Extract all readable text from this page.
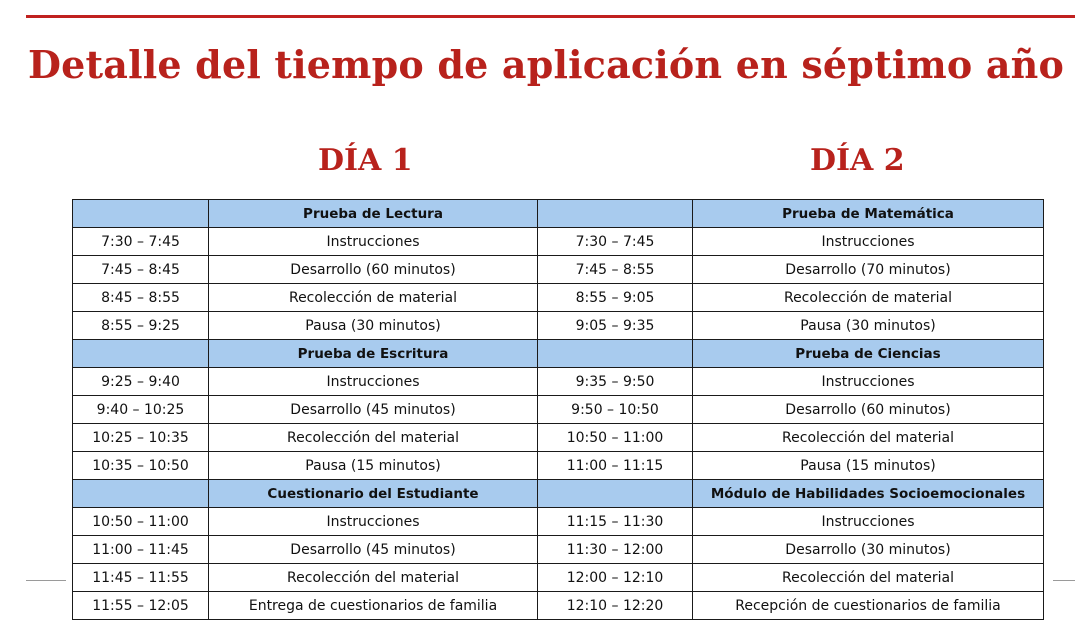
Detalle del tiempo de aplicación en séptimo año
DÍA 1	DÍA 2
	Prueba de Lectura		Prueba de Matemática
7:30 – 7:45	Instrucciones	7:30 – 7:45	Instrucciones
7:45 – 8:45	Desarrollo (60 minutos)	7:45 – 8:55	Desarrollo (70 minutos)
8:45 – 8:55	Recolección de material	8:55 – 9:05	Recolección de material
8:55 – 9:25	Pausa (30 minutos)	9:05 – 9:35	Pausa (30 minutos)
	Prueba de Escritura		Prueba de Ciencias
9:25 – 9:40	Instrucciones	9:35 – 9:50	Instrucciones
9:40 – 10:25	Desarrollo (45 minutos)	9:50 – 10:50	Desarrollo (60 minutos)
10:25 – 10:35	Recolección del material	10:50 – 11:00	Recolección del material
10:35 – 10:50	Pausa (15 minutos)	11:00 – 11:15	Pausa (15 minutos)
	Cuestionario del Estudiante		Módulo de Habilidades Socioemocionales
10:50 – 11:00	Instrucciones	11:15 – 11:30	Instrucciones
11:00 – 11:45	Desarrollo (45 minutos)	11:30 – 12:00	Desarrollo (30 minutos)
11:45 – 11:55	Recolección del material	12:00 – 12:10	Recolección del material
11:55 – 12:05	Entrega de cuestionarios de familia	12:10 – 12:20	Recepción de cuestionarios de familia
